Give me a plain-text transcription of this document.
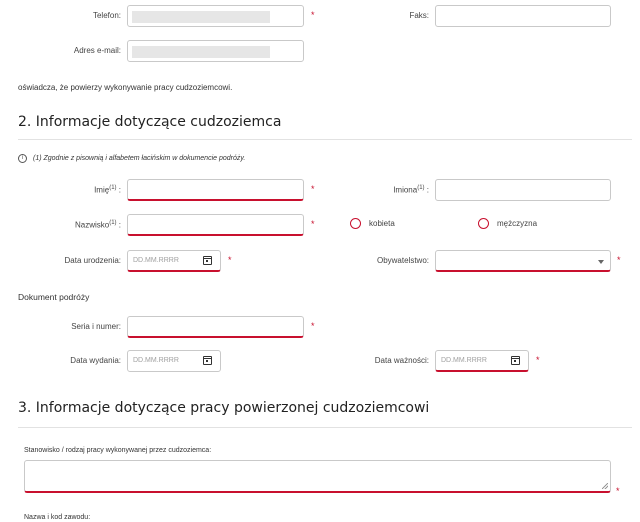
Telefon:	*	Faks:
Adres e-mail:
oświadcza, że powierzy wykonywanie pracy cudzoziemcowi.
2. Informacje dotyczące cudzoziemca
i	(1) Zgodnie z pisownią i alfabetem łacińskim w dokumencie podróży.
Imię$^{(1)}$ :	*	Imiona$^{(1)}$ :
Nazwisko$^{(1)}$ :	*	kobieta	mężczyzna
Data urodzenia: DD.MM.RRRR	*	Obywatelstwo:	*
Dokument podróży
Seria i numer:	*
Data wydania: DD.MM.RRRR	Data ważności: DD.MM.RRRR	*
3. Informacje dotyczące pracy powierzonej cudzoziemcowi
Stanowisko / rodzaj pracy wykonywanej przez cudzoziemca:
*
Nazwa i kod zawodu:
